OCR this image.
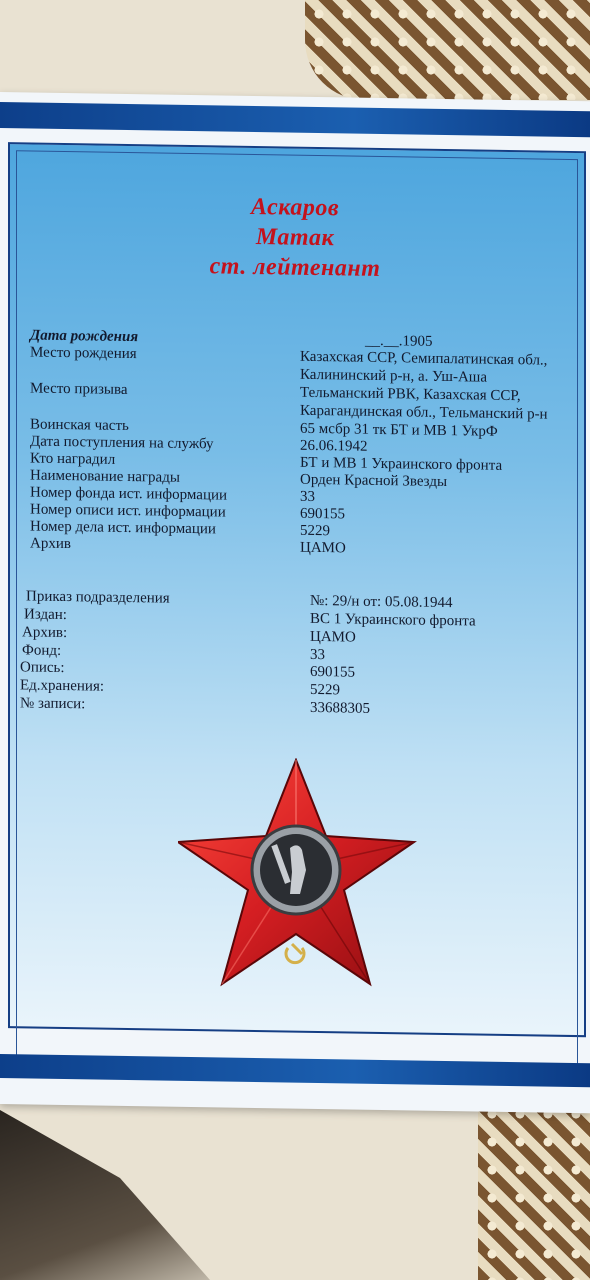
Аскаров
Матак
ст. лейтенант
Дата рождения	__.__.1905
Место рождения	Казахская ССР, Семипалатинская обл.,
Калининский р-н, а. Уш-Аша
Место призыва	Тельманский РВК, Казахская ССР,
Карагандинская обл., Тельманский р-н
Воинская часть	65 мсбр 31 тк БТ и МВ 1 УкрФ
Дата поступления на службу	26.06.1942
Кто наградил	БТ и МВ 1 Украинского фронта
Наименование награды	Орден Красной Звезды
Номер фонда ист. информации	33
Номер описи ист. информации	690155
Номер дела ист. информации	5229
Архив	ЦАМО
Приказ подразделения	№: 29/н от: 05.08.1944
Издан:	ВС 1 Украинского фронта
Архив:	ЦАМО
Фонд:	33
Опись:	690155
Ед.хранения:	5229
№ записи:	33688305
